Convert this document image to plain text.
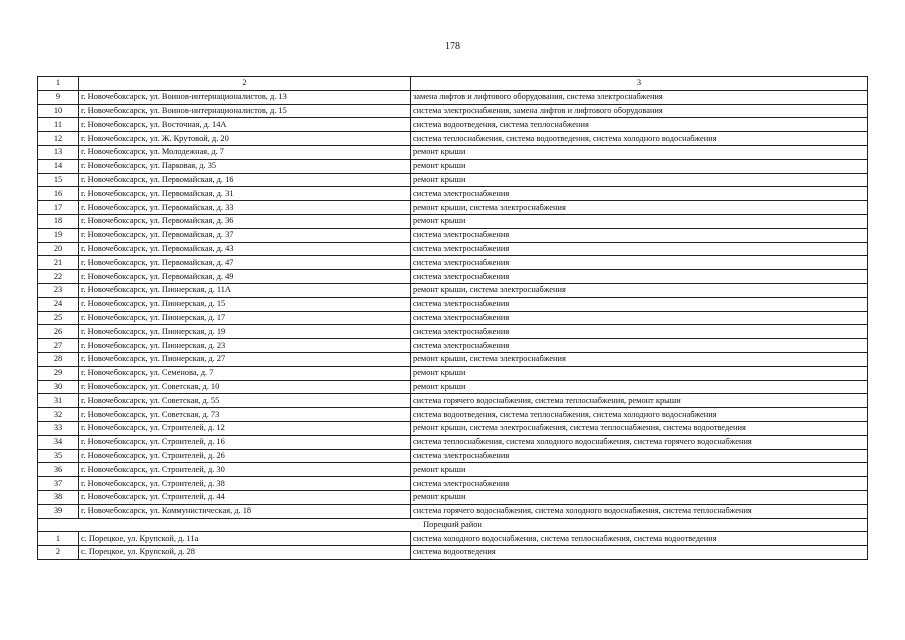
178
1	2	3
9	г. Новочебоксарск, ул. Воинов-интернационалистов, д. 13	замена лифтов и лифтового оборудования, система электроснабжения
10	г. Новочебоксарск, ул. Воинов-интернационалистов, д. 15	система электроснабжения, замена лифтов и лифтового оборудования
11	г. Новочебоксарск, ул. Восточная, д. 14А	система водоотведения, система теплоснабжения
12	г. Новочебоксарск, ул. Ж. Крутовой, д. 20	система теплоснабжения, система водоотведения, система холодного водоснабжения
13	г. Новочебоксарск, ул. Молодежная, д. 7	ремонт крыши
14	г. Новочебоксарск, ул. Парковая, д. 35	ремонт крыши
15	г. Новочебоксарск, ул. Первомайская, д. 16	ремонт крыши
16	г. Новочебоксарск, ул. Первомайская, д. 31	система электроснабжения
17	г. Новочебоксарск, ул. Первомайская, д. 33	ремонт крыши, система электроснабжения
18	г. Новочебоксарск, ул. Первомайская, д. 36	ремонт крыши
19	г. Новочебоксарск, ул. Первомайская, д. 37	система электроснабжения
20	г. Новочебоксарск, ул. Первомайская, д. 43	система электроснабжения
21	г. Новочебоксарск, ул. Первомайская, д. 47	система электроснабжения
22	г. Новочебоксарск, ул. Первомайская, д. 49	система электроснабжения
23	г. Новочебоксарск, ул. Пионерская, д. 11А	ремонт крыши, система электроснабжения
24	г. Новочебоксарск, ул. Пионерская, д. 15	система электроснабжения
25	г. Новочебоксарск, ул. Пионерская, д. 17	система электроснабжения
26	г. Новочебоксарск, ул. Пионерская, д. 19	система электроснабжения
27	г. Новочебоксарск, ул. Пионерская, д. 23	система электроснабжения
28	г. Новочебоксарск, ул. Пионерская, д. 27	ремонт крыши, система электроснабжения
29	г. Новочебоксарск, ул. Семенова, д. 7	ремонт крыши
30	г. Новочебоксарск, ул. Советская, д. 10	ремонт крыши
31	г. Новочебоксарск, ул. Советская, д. 55	система горячего водоснабжения, система теплоснабжения, ремонт крыши
32	г. Новочебоксарск, ул. Советская, д. 73	система водоотведения, система теплоснабжения, система холодного водоснабжения
33	г. Новочебоксарск, ул. Строителей, д. 12	ремонт крыши, система электроснабжения, система теплоснабжения, система водоотведения
34	г. Новочебоксарск, ул. Строителей, д. 16	система теплоснабжения, система холодного водоснабжения, система горячего водоснабжения
35	г. Новочебоксарск, ул. Строителей, д. 26	система электроснабжения
36	г. Новочебоксарск, ул. Строителей, д. 30	ремонт крыши
37	г. Новочебоксарск, ул. Строителей, д. 38	система электроснабжения
38	г. Новочебоксарск, ул. Строителей, д. 44	ремонт крыши
39	г. Новочебоксарск, ул. Коммунистическая, д. 18	система горячего водоснабжения, система холодного водоснабжения, система теплоснабжения
Порецкий район		
1	с. Порецкое, ул. Крупской, д. 11а	система холодного водоснабжения, система теплоснабжения, система водоотведения
2	с. Порецкое, ул. Крупской, д. 28	система водоотведения
